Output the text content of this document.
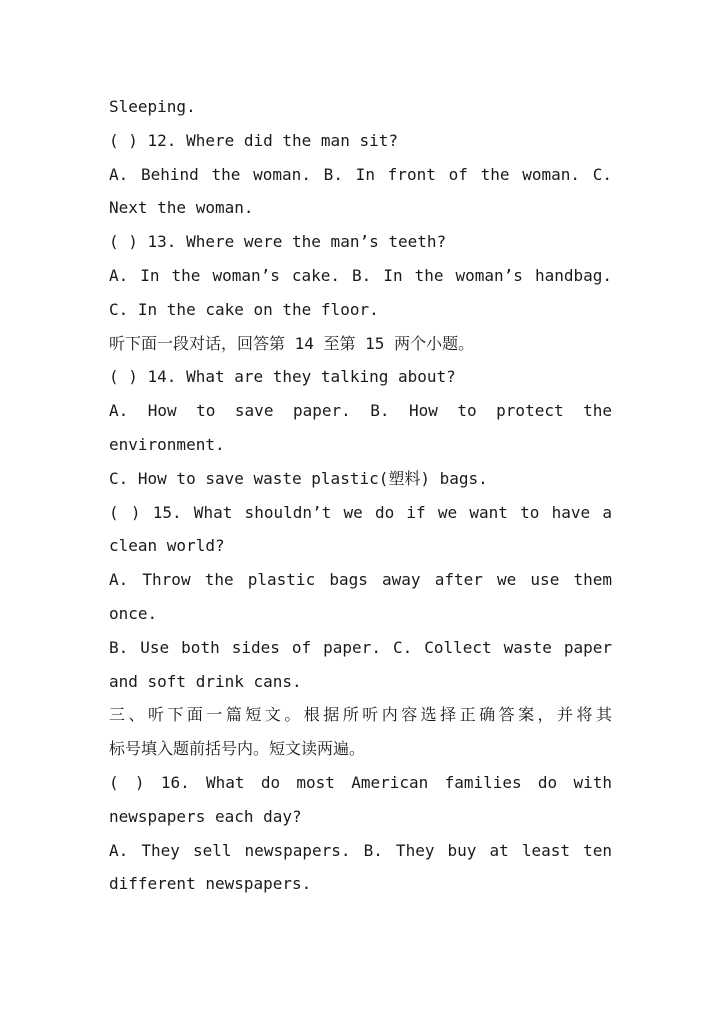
Sleeping.
( ) 12. Where did the man sit?
A. Behind the woman. B. In front of the woman. C.
Next the woman.
( ) 13. Where were the man’s teeth?
A. In the woman’s cake. B. In the woman’s handbag.
C. In the cake on the floor.
听下面一段对话，回答第 14 至第 15 两个小题。
( ) 14. What are they talking about?
A. How to save paper. B. How to protect the
environment.
C. How to save waste plastic(塑料) bags.
( ) 15. What shouldn’t we do if we want to have a
clean world?
A. Throw the plastic bags away after we use them
once.
B. Use both sides of paper. C. Collect waste paper
and soft drink cans.
三、听下面一篇短文。根据所听内容选择正确答案，并将其
标号填入题前括号内。短文读两遍。
( ) 16. What do most American families do with
newspapers each day?
A. They sell newspapers. B. They buy at least ten
different newspapers.
